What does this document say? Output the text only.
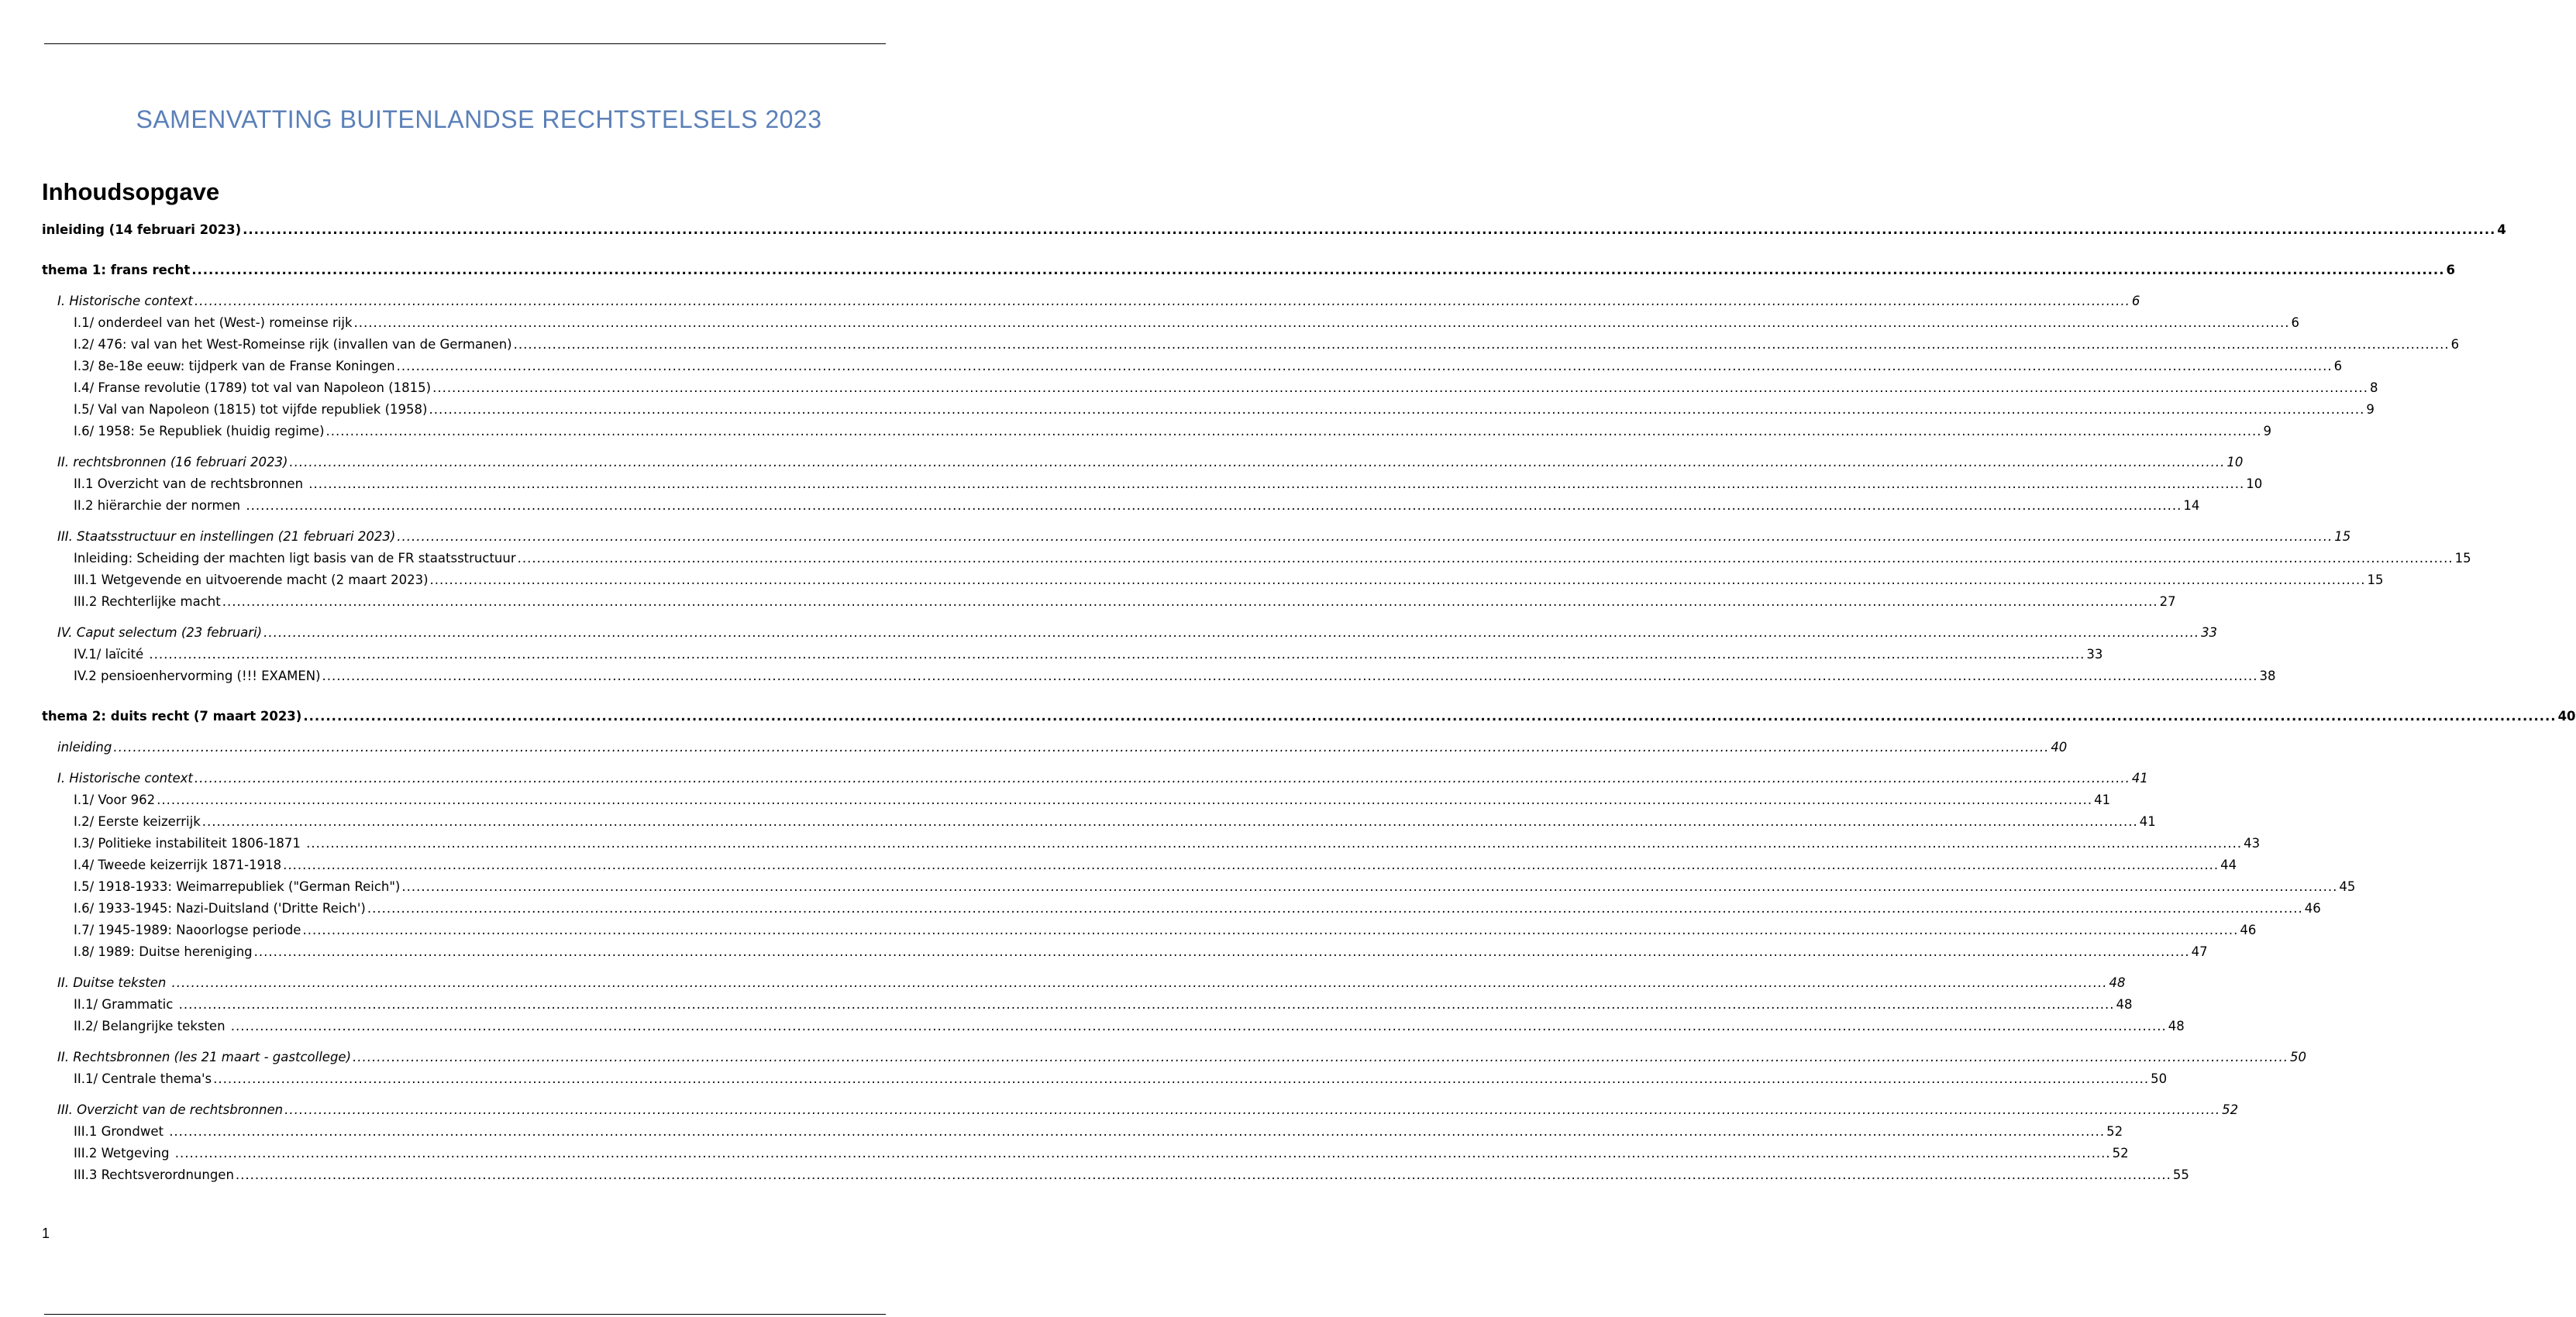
SAMENVATTING BUITENLANDSE RECHTSTELSELS 2023
Inhoudsopgave
inleiding (14 februari 2023) ................................................................................................................................................................................................................................................................................................................................................................................................................ 4
thema 1: frans recht ................................................................................................................................................................................................................................................................................................................................................................................................................ 6
I. Historische context ................................................................................................................................................................................................................................................................................................................................................................................................................ 6
I.1/ onderdeel van het (West-) romeinse rijk ................................................................................................................................................................................................................................................................................................................................................................................................................ 6
I.2/ 476: val van het West-Romeinse rijk (invallen van de Germanen) ................................................................................................................................................................................................................................................................................................................................................................................................................ 6
I.3/ 8e-18e eeuw: tijdperk van de Franse Koningen ................................................................................................................................................................................................................................................................................................................................................................................................................ 6
I.4/ Franse revolutie (1789) tot val van Napoleon (1815) ................................................................................................................................................................................................................................................................................................................................................................................................................ 8
I.5/ Val van Napoleon (1815) tot vijfde republiek (1958) ................................................................................................................................................................................................................................................................................................................................................................................................................ 9
I.6/ 1958: 5e Republiek (huidig regime) ................................................................................................................................................................................................................................................................................................................................................................................................................ 9
II. rechtsbronnen (16 februari 2023) ................................................................................................................................................................................................................................................................................................................................................................................................................ 10
II.1 Overzicht van de rechtsbronnen ................................................................................................................................................................................................................................................................................................................................................................................................................ 10
II.2 hiërarchie der normen ................................................................................................................................................................................................................................................................................................................................................................................................................ 14
III. Staatsstructuur en instellingen (21 februari 2023) ................................................................................................................................................................................................................................................................................................................................................................................................................ 15
Inleiding: Scheiding der machten ligt basis van de FR staatsstructuur ................................................................................................................................................................................................................................................................................................................................................................................................................ 15
III.1 Wetgevende en uitvoerende macht (2 maart 2023) ................................................................................................................................................................................................................................................................................................................................................................................................................ 15
III.2 Rechterlijke macht ................................................................................................................................................................................................................................................................................................................................................................................................................ 27
IV. Caput selectum (23 februari) ................................................................................................................................................................................................................................................................................................................................................................................................................ 33
IV.1/ laïcité ................................................................................................................................................................................................................................................................................................................................................................................................................ 33
IV.2 pensioenhervorming (!!! EXAMEN) ................................................................................................................................................................................................................................................................................................................................................................................................................ 38
thema 2: duits recht (7 maart 2023) ................................................................................................................................................................................................................................................................................................................................................................................................................ 40
inleiding ................................................................................................................................................................................................................................................................................................................................................................................................................ 40
I. Historische context ................................................................................................................................................................................................................................................................................................................................................................................................................ 41
I.1/ Voor 962 ................................................................................................................................................................................................................................................................................................................................................................................................................ 41
I.2/ Eerste keizerrijk ................................................................................................................................................................................................................................................................................................................................................................................................................ 41
I.3/ Politieke instabiliteit 1806-1871 ................................................................................................................................................................................................................................................................................................................................................................................................................ 43
I.4/ Tweede keizerrijk 1871-1918 ................................................................................................................................................................................................................................................................................................................................................................................................................ 44
I.5/ 1918-1933: Weimarrepubliek ("German Reich") ................................................................................................................................................................................................................................................................................................................................................................................................................ 45
I.6/ 1933-1945: Nazi-Duitsland ('Dritte Reich') ................................................................................................................................................................................................................................................................................................................................................................................................................ 46
I.7/ 1945-1989: Naoorlogse periode ................................................................................................................................................................................................................................................................................................................................................................................................................ 46
I.8/ 1989: Duitse hereniging ................................................................................................................................................................................................................................................................................................................................................................................................................ 47
II. Duitse teksten ................................................................................................................................................................................................................................................................................................................................................................................................................ 48
II.1/ Grammatic ................................................................................................................................................................................................................................................................................................................................................................................................................ 48
II.2/ Belangrijke teksten ................................................................................................................................................................................................................................................................................................................................................................................................................ 48
II. Rechtsbronnen (les 21 maart - gastcollege) ................................................................................................................................................................................................................................................................................................................................................................................................................ 50
II.1/ Centrale thema's ................................................................................................................................................................................................................................................................................................................................................................................................................ 50
III. Overzicht van de rechtsbronnen ................................................................................................................................................................................................................................................................................................................................................................................................................ 52
III.1 Grondwet ................................................................................................................................................................................................................................................................................................................................................................................................................ 52
III.2 Wetgeving ................................................................................................................................................................................................................................................................................................................................................................................................................ 52
III.3 Rechtsverordnungen ................................................................................................................................................................................................................................................................................................................................................................................................................ 55
1
